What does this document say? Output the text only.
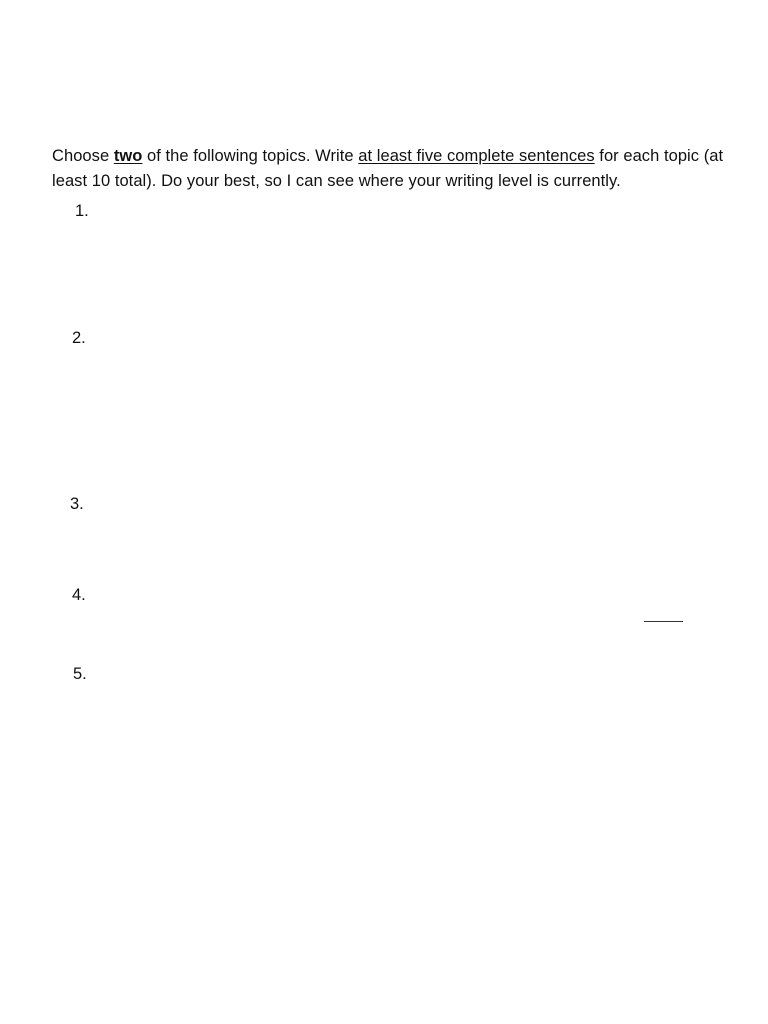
Choose two of the following topics. Write at least five complete sentences for each topic (at least 10 total). Do your best, so I can see where your writing level is currently.

1.
2.
3.
4.
5.
